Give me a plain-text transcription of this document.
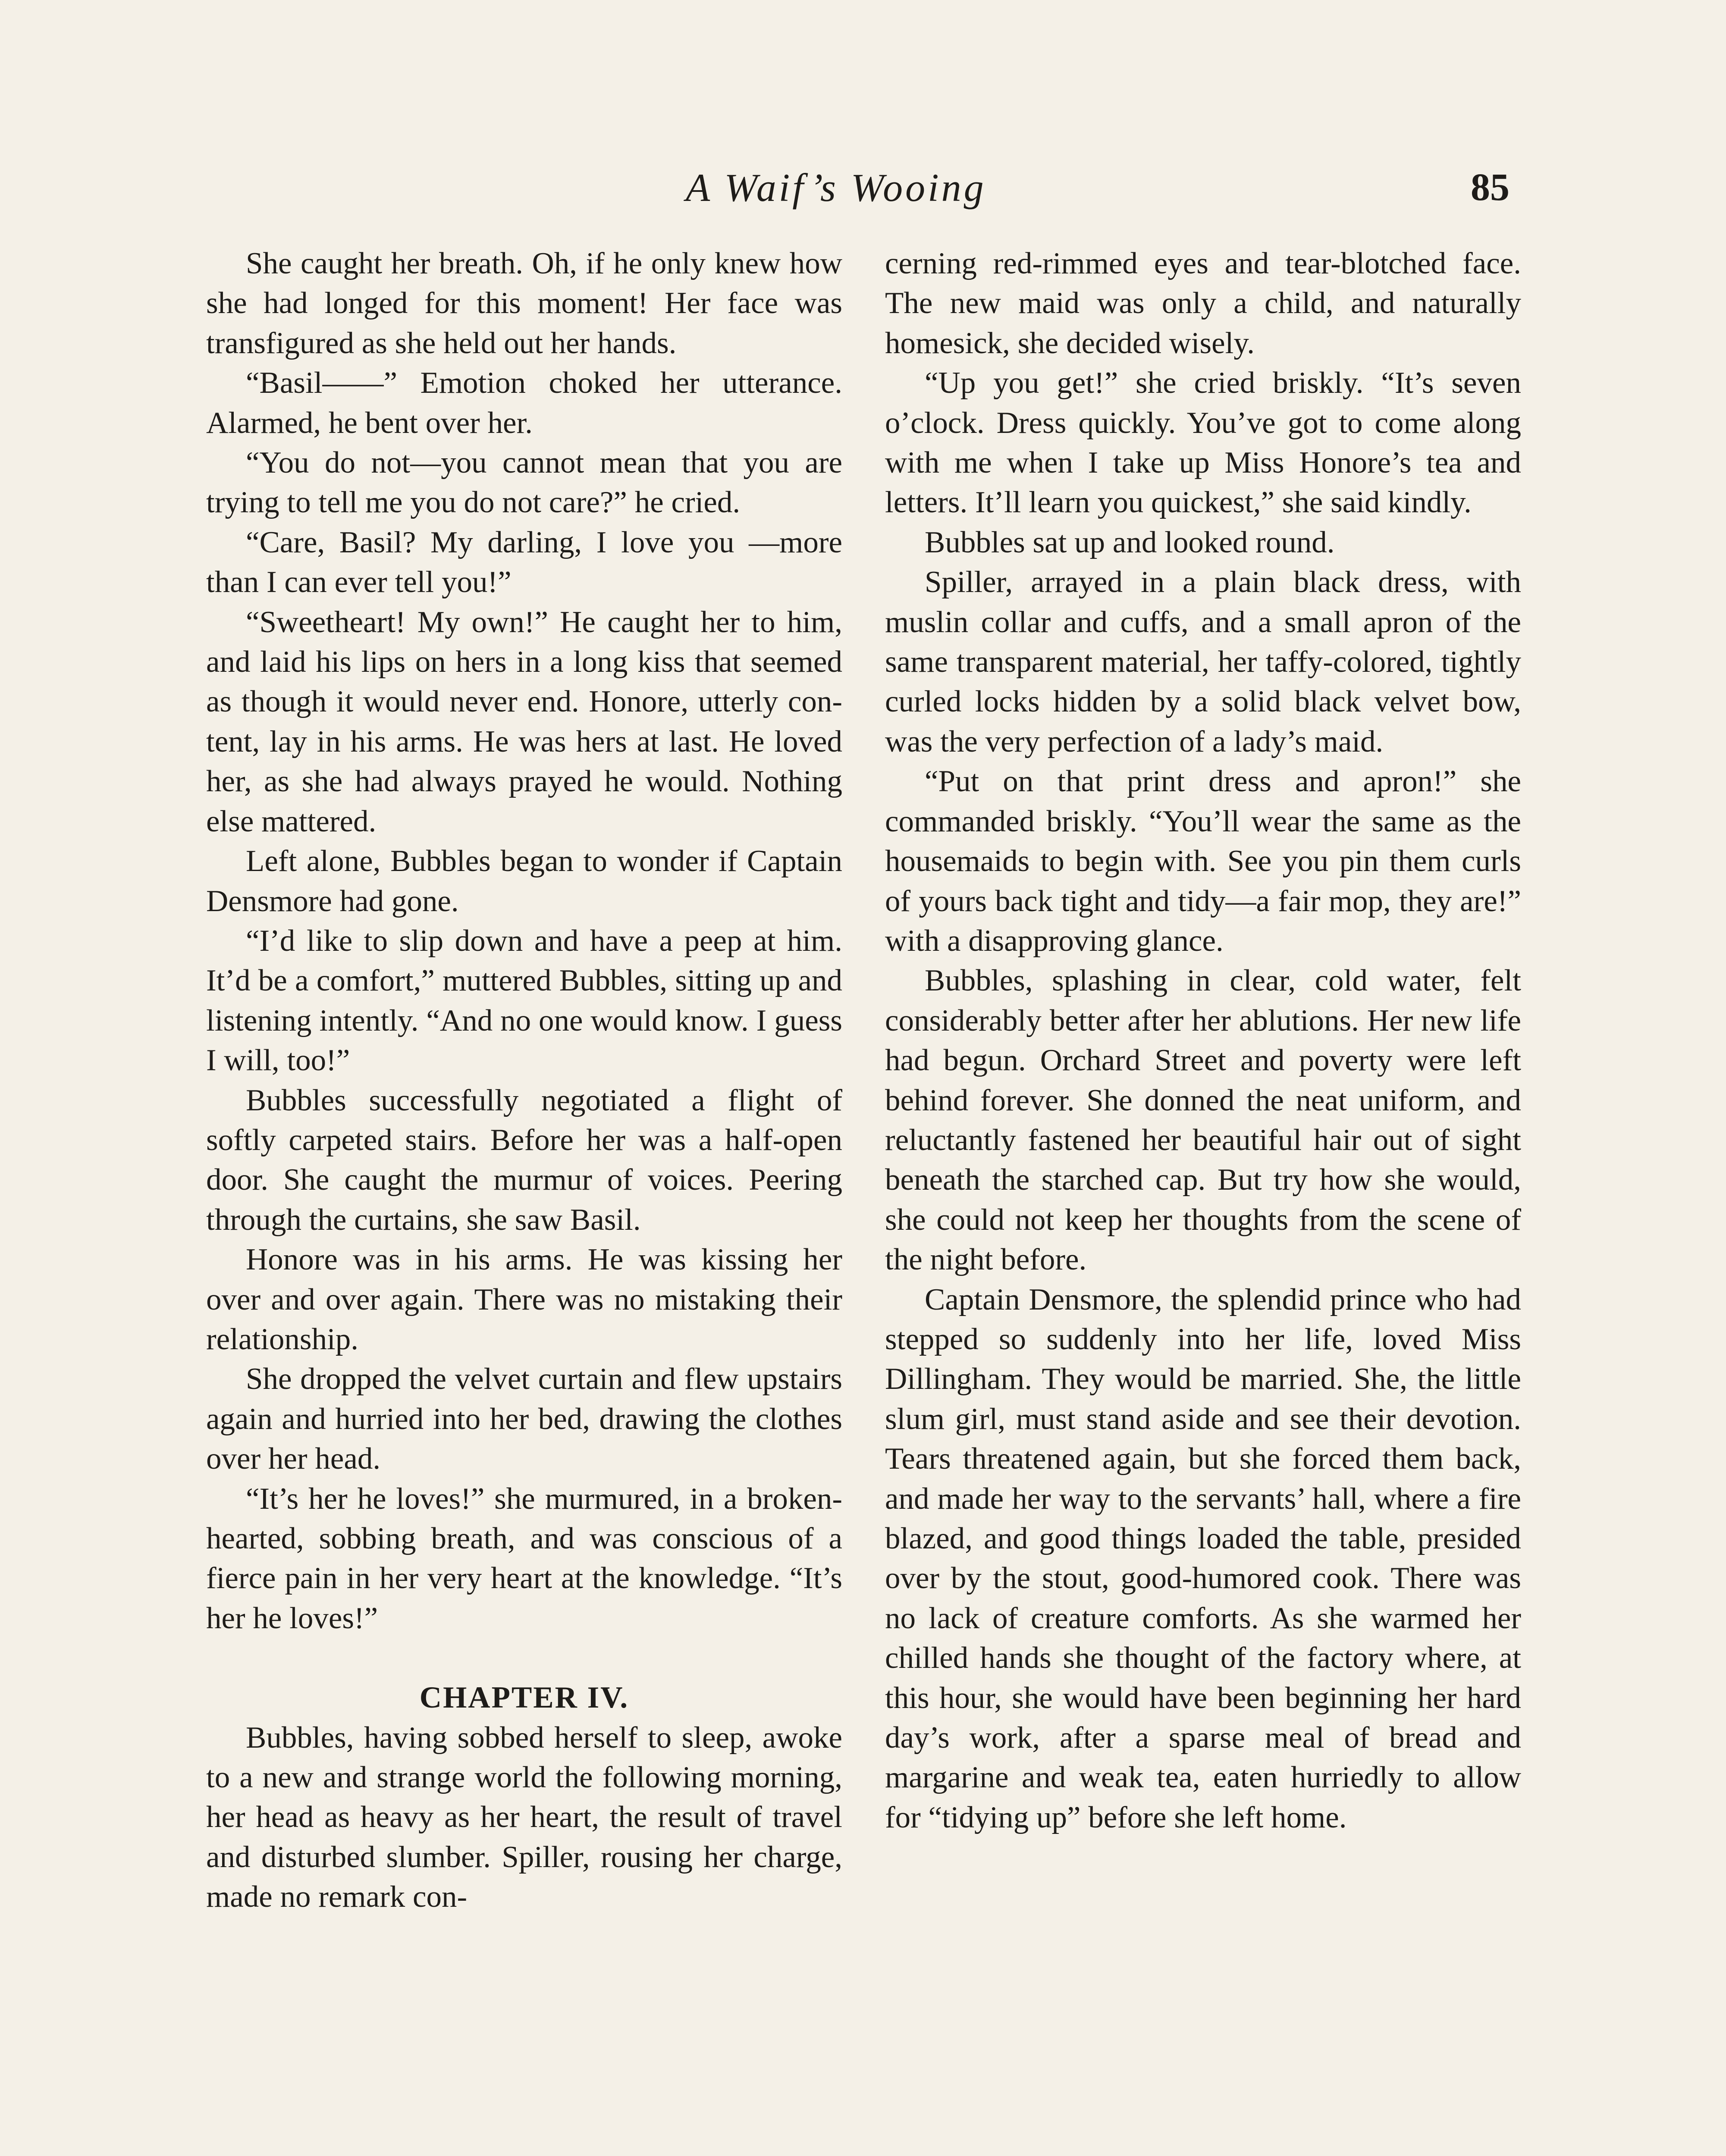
A Waif’s Wooing	85

She caught her breath. Oh, if he only knew how she had longed for this moment! Her face was transfigured as she held out her hands.

“Basil——” Emotion choked her utterance. Alarmed, he bent over her.

“You do not—you cannot mean that you are trying to tell me you do not care?” he cried.

“Care, Basil? My darling, I love you —more than I can ever tell you!”

“Sweetheart! My own!” He caught her to him, and laid his lips on hers in a long kiss that seemed as though it would never end. Honore, utterly content, lay in his arms. He was hers at last. He loved her, as she had always prayed he would. Nothing else mattered.

Left alone, Bubbles began to wonder if Captain Densmore had gone.

“I’d like to slip down and have a peep at him. It’d be a comfort,” muttered Bubbles, sitting up and listening intently. “And no one would know. I guess I will, too!”

Bubbles successfully negotiated a flight of softly carpeted stairs. Before her was a half-open door. She caught the murmur of voices. Peering through the curtains, she saw Basil.

Honore was in his arms. He was kissing her over and over again. There was no mistaking their relationship.

She dropped the velvet curtain and flew upstairs again and hurried into her bed, drawing the clothes over her head.

“It’s her he loves!” she murmured, in a broken-hearted, sobbing breath, and was conscious of a fierce pain in her very heart at the knowledge. “It’s her he loves!”

CHAPTER IV.

Bubbles, having sobbed herself to sleep, awoke to a new and strange world the following morning, her head as heavy as her heart, the result of travel and disturbed slumber. Spiller, rousing her charge, made no remark con-

cerning red-rimmed eyes and tear-blotched face. The new maid was only a child, and naturally homesick, she decided wisely.

“Up you get!” she cried briskly. “It’s seven o’clock. Dress quickly. You’ve got to come along with me when I take up Miss Honore’s tea and letters. It’ll learn you quickest,” she said kindly.

Bubbles sat up and looked round.

Spiller, arrayed in a plain black dress, with muslin collar and cuffs, and a small apron of the same transparent material, her taffy-colored, tightly curled locks hidden by a solid black velvet bow, was the very perfection of a lady’s maid.

“Put on that print dress and apron!” she commanded briskly. “You’ll wear the same as the housemaids to begin with. See you pin them curls of yours back tight and tidy—a fair mop, they are!” with a disapproving glance.

Bubbles, splashing in clear, cold water, felt considerably better after her ablutions. Her new life had begun. Orchard Street and poverty were left behind forever. She donned the neat uniform, and reluctantly fastened her beautiful hair out of sight beneath the starched cap. But try how she would, she could not keep her thoughts from the scene of the night before.

Captain Densmore, the splendid prince who had stepped so suddenly into her life, loved Miss Dillingham. They would be married. She, the little slum girl, must stand aside and see their devotion. Tears threatened again, but she forced them back, and made her way to the servants’ hall, where a fire blazed, and good things loaded the table, presided over by the stout, good-humored cook. There was no lack of creature comforts. As she warmed her chilled hands she thought of the factory where, at this hour, she would have been beginning her hard day’s work, after a sparse meal of bread and margarine and weak tea, eaten hurriedly to allow for “tidying up” before she left home.
